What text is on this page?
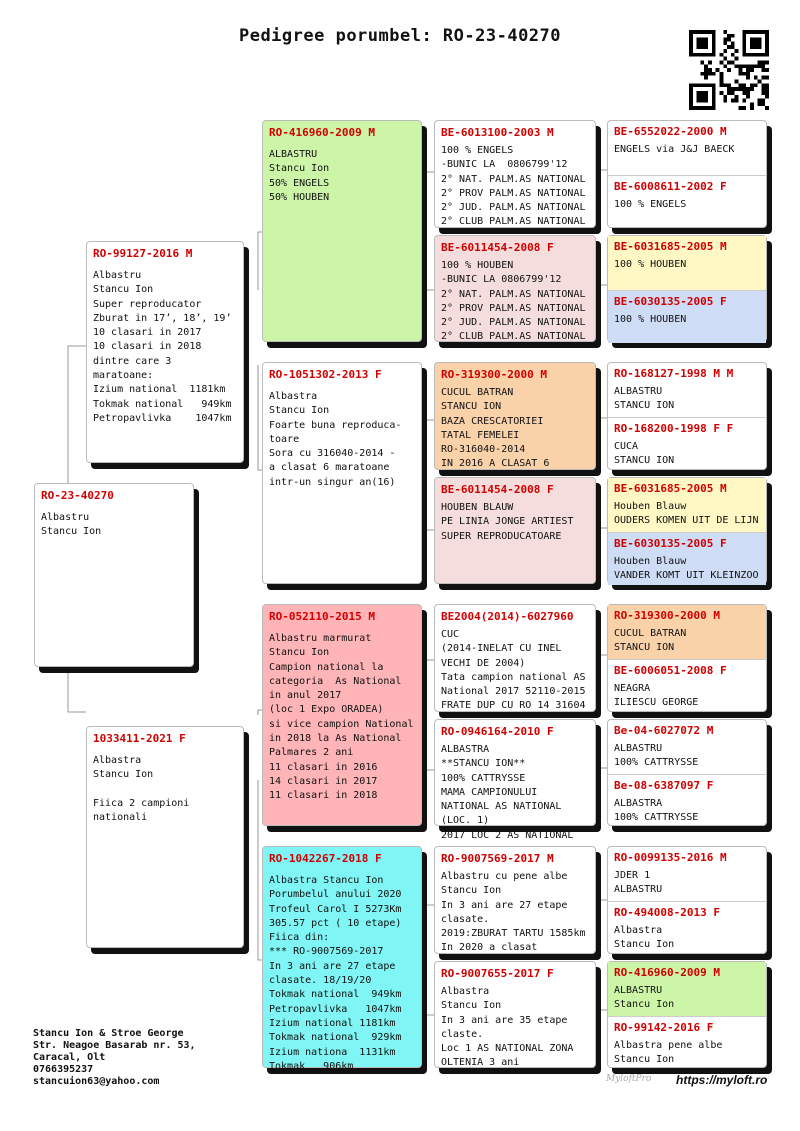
Pedigree porumbel: RO-23-40270
RO-23-40270
Albastru
Stancu Ion
RO-99127-2016 M
Albastru
Stancu Ion
Super reproducator
Zburat in 17’, 18’, 19’
10 clasari in 2017
10 clasari in 2018 dintre care 3 maratoane:
Izium national  1181km
Tokmak national   949km
Petropavlivka    1047km
1033411-2021 F
Albastra
Stancu Ion

Fiica 2 campioni nationali
RO-416960-2009 M
ALBASTRU
Stancu Ion
50% ENGELS
50% HOUBEN
RO-1051302-2013 F
Albastra
Stancu Ion
Foarte buna reproduca-
toare
Sora cu 316040-2014 -
a clasat 6 maratoane
intr-un singur an(16)
RO-052110-2015 M
Albastru marmurat
Stancu Ion
Campion national la categoria  As National in anul 2017
(loc 1 Expo ORADEA)
si vice campion National in 2018 la As National
Palmares 2 ani
11 clasari in 2016
14 clasari in 2017
11 clasari in 2018
RO-1042267-2018 F
Albastra Stancu Ion
Porumbelul anului 2020
Trofeul Carol I 5273Km
305.57 pct ( 10 etape)
Fiica din:
*** RO-9007569-2017
In 3 ani are 27 etape clasate. 18/19/20
Tokmak national  949km
Petropavlivka   1047km
Izium national 1181km
Tokmak national  929km
Izium nationa  1131km
Tokmak   906km
BE-6013100-2003 M
100 % ENGELS
-BUNIC LA  0806799'12
2° NAT. PALM.AS NATIONAL
2° PROV PALM.AS NATIONAL
2° JUD. PALM.AS NATIONAL
2° CLUB PALM.AS NATIONAL
BE-6011454-2008 F
100 % HOUBEN
-BUNIC LA 0806799'12
2° NAT. PALM.AS NATIONAL
2° PROV PALM.AS NATIONAL
2° JUD. PALM.AS NATIONAL
2° CLUB PALM.AS NATIONAL
RO-319300-2000 M
CUCUL BATRAN
STANCU ION
BAZA CRESCATORIEI
TATAL FEMELEI
RO-316040-2014
IN 2016 A CLASAT 6
BE-6011454-2008 F
HOUBEN BLAUW
PE LINIA JONGE ARTIEST
SUPER REPRODUCATOARE
BE2004(2014)-6027960
CUC
(2014-INELAT CU INEL VECHI DE 2004)
Tata campion national AS National 2017 52110-2015
FRATE DUP CU RO 14 31604
RO-0946164-2010 F
ALBASTRA
**STANCU ION**
100% CATTRYSSE
MAMA CAMPIONULUI NATIONAL AS NATIONAL (LOC. 1)
2017 LOC 2 AS NATIONAL
RO-9007569-2017 M
Albastru cu pene albe
Stancu Ion
In 3 ani are 27 etape clasate.
2019:ZBURAT TARTU 1585km
In 2020 a clasat
RO-9007655-2017 F
Albastra
Stancu Ion
In 3 ani are 35 etape claste.
Loc 1 AS NATIONAL ZONA
OLTENIA 3 ani
BE-6552022-2000 M
ENGELS via J&J BAECK
BE-6008611-2002 F
100 % ENGELS
BE-6031685-2005 M
100 % HOUBEN
BE-6030135-2005 F
100 % HOUBEN
RO-168127-1998 M M
ALBASTRU
STANCU ION
RO-168200-1998 F F
CUCA
STANCU ION
BE-6031685-2005 M
Houben Blauw
OUDERS KOMEN UIT DE LIJN
BE-6030135-2005 F
Houben Blauw
VANDER KOMT UIT KLEINZOO
RO-319300-2000 M
CUCUL BATRAN
STANCU ION
BE-6006051-2008 F
NEAGRA
ILIESCU GEORGE
Be-04-6027072 M
ALBASTRU
100% CATTRYSSE
Be-08-6387097 F
ALBASTRA
100% CATTRYSSE
RO-0099135-2016 M
JDER 1
ALBASTRU
RO-494008-2013 F
Albastra
Stancu Ion
RO-416960-2009 M
ALBASTRU
Stancu Ion
RO-99142-2016 F
Albastra pene albe
Stancu Ion
Stancu Ion & Stroe George
Str. Neagoe Basarab nr. 53,
Caracal, Olt
0766395237
stancuion63@yahoo.com	MyloftPro https://myloft.ro
